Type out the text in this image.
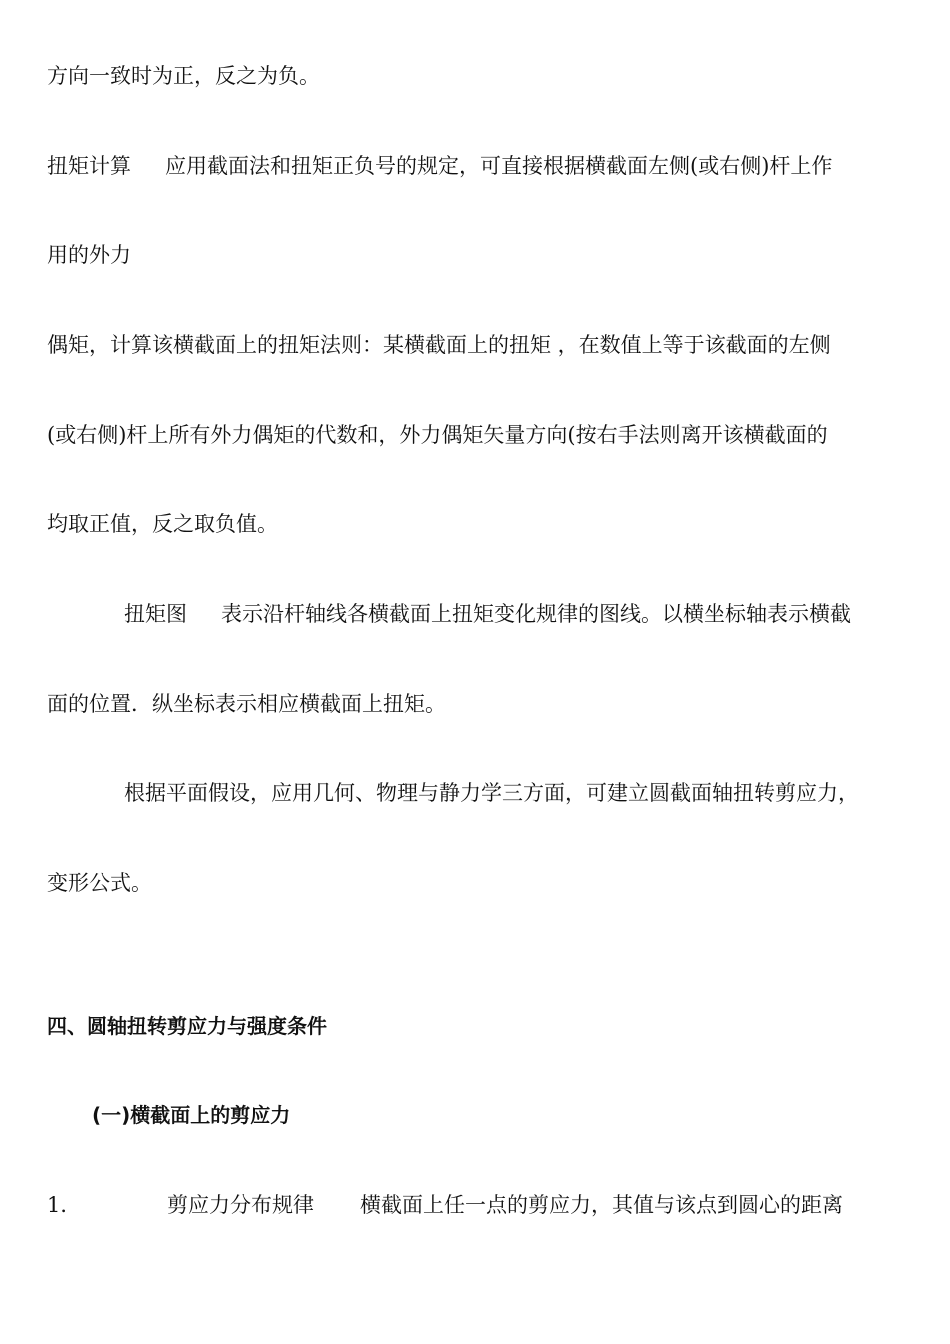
方向一致时为正，反之为负。
扭矩计算 应用截面法和扭矩正负号的规定，可直接根据横截面左侧(或右侧)杆上作
用的外力
偶矩，计算该横截面上的扭矩法则：某横截面上的扭矩 ，在数值上等于该截面的左侧
(或右侧)杆上所有外力偶矩的代数和，外力偶矩矢量方向(按右手法则离开该横截面的
均取正值，反之取负值。
扭矩图 表示沿杆轴线各横截面上扭矩变化规律的图线。以横坐标轴表示横截
面的位置．纵坐标表示相应横截面上扭矩。
根据平面假设，应用几何、物理与静力学三方面，可建立圆截面轴扭转剪应力，
变形公式。
四、圆轴扭转剪应力与强度条件
(一)横截面上的剪应力
1．	剪应力分布规律 横截面上任一点的剪应力，其值与该点到圆心的距离
